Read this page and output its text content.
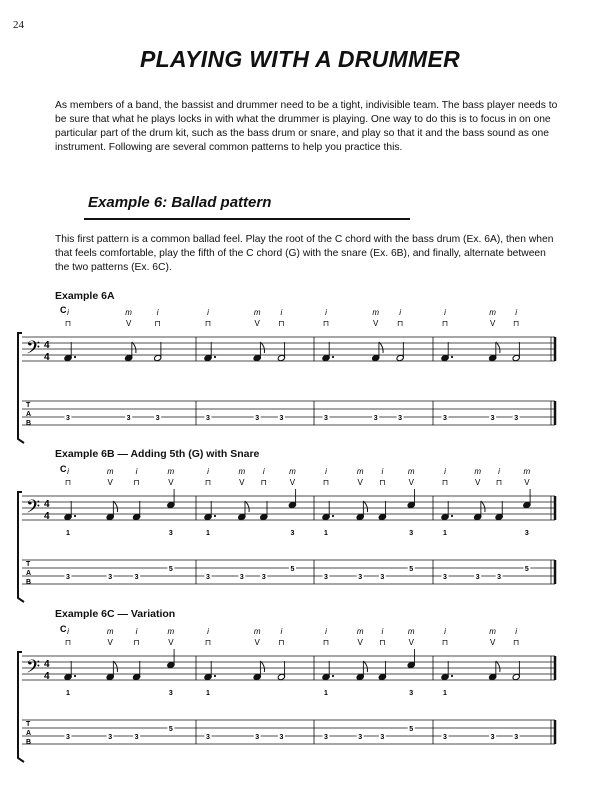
24
PLAYING WITH A DRUMMER

As members of a band, the bassist and drummer need to be a tight, indivisible team. The bass player needs to be sure that what he plays locks in with what the drummer is playing. One way to do this is to focus in on one particular part of the drum kit, such as the bass drum or snare, and play so that it and the bass sound as one instrument. Following are several common patterns to help you practice this.

Example 6: Ballad pattern

This first pattern is a common ballad feel. Play the root of the C chord with the bass drum (Ex. 6A), then when that feels comfortable, play the fifth of the C chord (G) with the snare (Ex. 6B), and finally, alternate between the two patterns (Ex. 6C).

Example 6A

Example 6B — Adding 5th (G) with Snare

Example 6C — Variation

𝄢 4
4
T
A
B
C i
⊓
3
m
V
3
i
⊓
3
i
⊓
3
m
V
3
i
⊓
3
i
⊓
3
m
V
3
i
⊓
3
i
⊓
3
m
V
3
i
⊓
3
𝄢 4
4
T
A
B
C i
⊓
3
1
m
V
3
i
⊓
3
m
V
5
3
i
⊓
3
1
m
V
3
i
⊓
3
m
V
5
3
i
⊓
3
1
m
V
3
i
⊓
3
m
V
5
3
i
⊓
3
1
m
V
3
i
⊓
3
m
V
5
3
𝄢 4
4
T
A
B
C i
⊓
3
1
m
V
3
i
⊓
3
m
V
5
3
i
⊓
3
1
m
V
3
i
⊓
3
i
⊓
3
1
m
V
3
i
⊓
3
m
V
5
3
i
⊓
3
1
m
V
3
i
⊓
3
